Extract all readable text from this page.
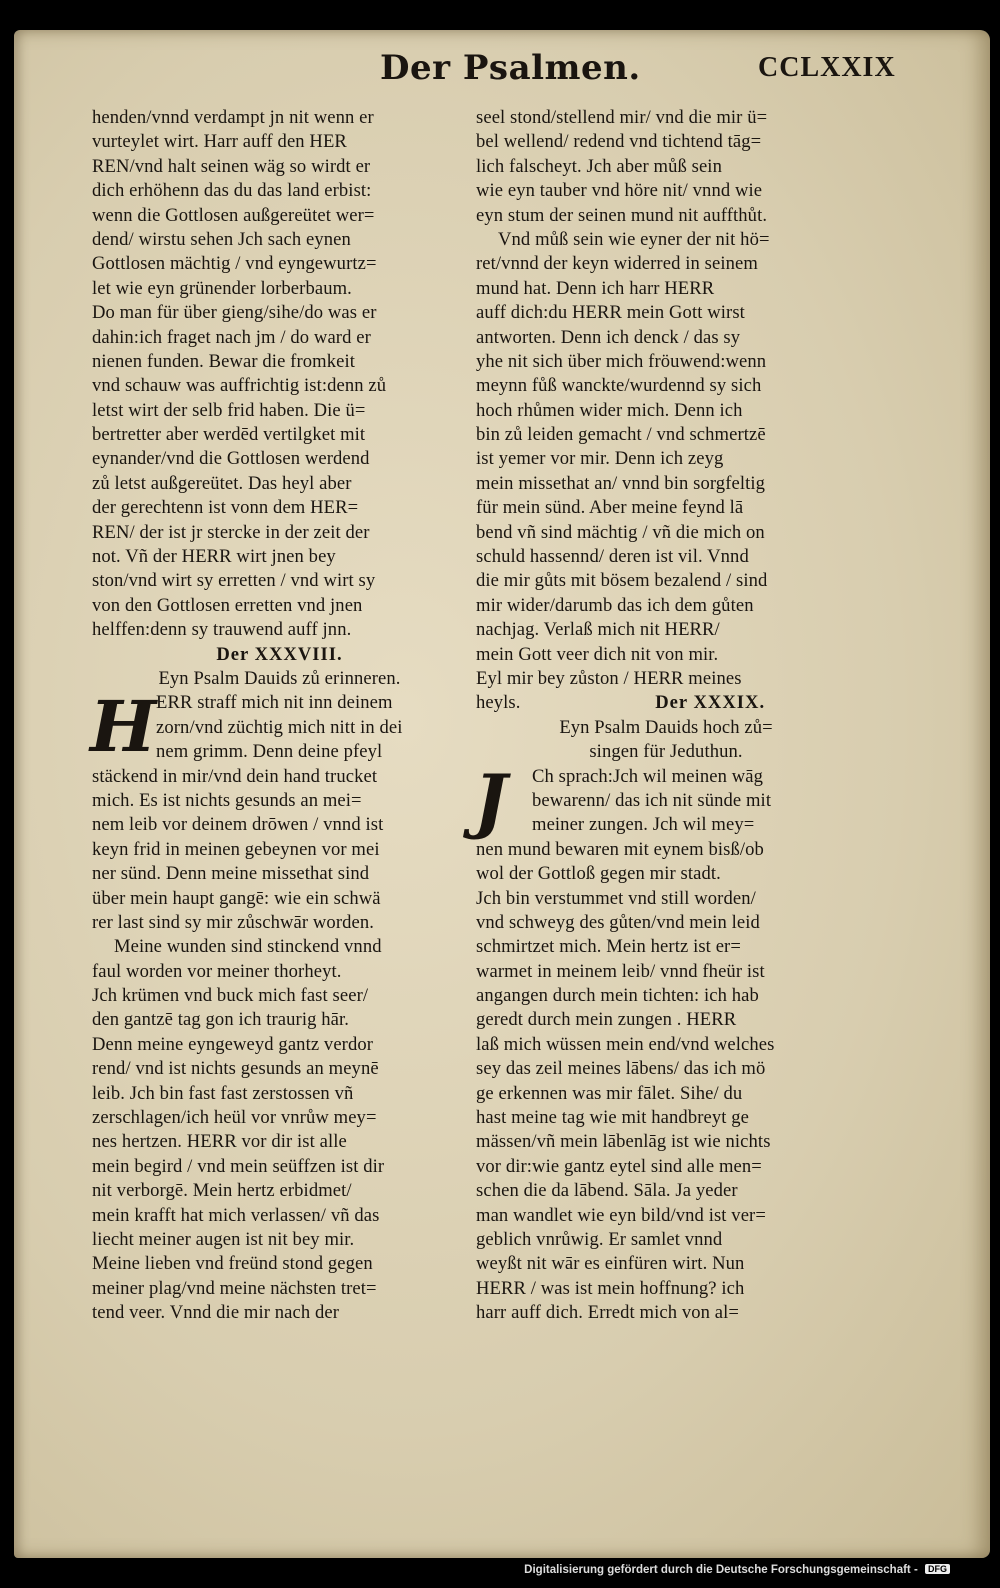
Der Psalmen.	CCLXXIX
henden/vnnd verdampt jn nit wenn er
vurteylet wirt. Harr auff den HER
REN/vnd halt seinen wäg so wirdt er
dich erhöhenn das du das land erbist:
wenn die Gottlosen außgereütet wer=
dend/ wirstu sehen Jch sach eynen
Gottlosen mächtig / vnd eyngewurtz=
let wie eyn grünender lorberbaum.
Do man für über gieng/sihe/do was er
dahin:ich fraget nach jm / do ward er
nienen funden. Bewar die fromkeit
vnd schauw was auffrichtig ist:denn zů
letst wirt der selb frid haben. Die ü=
bertretter aber werdēd vertilgket mit
eynander/vnd die Gottlosen werdend
zů letst außgereütet. Das heyl aber
der gerechtenn ist vonn dem HER=
REN/ der ist jr stercke in der zeit der
not. Vñ der HERR wirt jnen bey
ston/vnd wirt sy erretten / vnd wirt sy
von den Gottlosen erretten vnd jnen
helffen:denn sy trauwend auff jnn.
Der XXXVIII.
Eyn Psalm Dauids zů erinneren.
H ERR straff mich nit inn deinem
zorn/vnd züchtig mich nitt in dei
nem grimm. Denn deine pfeyl
stäckend in mir/vnd dein hand trucket
mich. Es ist nichts gesunds an mei=
nem leib vor deinem drōwen / vnnd ist
keyn frid in meinen gebeynen vor mei
ner sünd. Denn meine missethat sind
über mein haupt gangē: wie ein schwä
rer last sind sy mir zůschwār worden.
Meine wunden sind stinckend vnnd
faul worden vor meiner thorheyt.
Jch krümen vnd buck mich fast seer/
den gantzē tag gon ich traurig hār.
Denn meine eyngeweyd gantz verdor
rend/ vnd ist nichts gesunds an meynē
leib. Jch bin fast fast zerstossen vñ
zerschlagen/ich heül vor vnrůw mey=
nes hertzen. HERR vor dir ist alle
mein begird / vnd mein seüffzen ist dir
nit verborgē. Mein hertz erbidmet/
mein krafft hat mich verlassen/ vñ das
liecht meiner augen ist nit bey mir.
Meine lieben vnd freünd stond gegen
meiner plag/vnd meine nächsten tret=
tend veer. Vnnd die mir nach der
seel stond/stellend mir/ vnd die mir ü=
bel wellend/ redend vnd tichtend tāg=
lich falscheyt. Jch aber můß sein
wie eyn tauber vnd höre nit/ vnnd wie
eyn stum der seinen mund nit auffthůt.
Vnd můß sein wie eyner der nit hö=
ret/vnnd der keyn widerred in seinem
mund hat. Denn ich harr HERR
auff dich:du HERR mein Gott wirst
antworten. Denn ich denck / das sy
yhe nit sich über mich fröuwend:wenn
meynn fůß wanckte/wurdennd sy sich
hoch rhůmen wider mich. Denn ich
bin zů leiden gemacht / vnd schmertzē
ist yemer vor mir. Denn ich zeyg
mein missethat an/ vnnd bin sorgfeltig
für mein sünd. Aber meine feynd lā
bend vñ sind mächtig / vñ die mich on
schuld hassennd/ deren ist vil. Vnnd
die mir gůts mit bösem bezalend / sind
mir wider/darumb das ich dem gůten
nachjag. Verlaß mich nit HERR/
mein Gott veer dich nit von mir.
Eyl mir bey zůston / HERR meines
heyls.	Der XXXIX.
Eyn Psalm Dauids hoch zů=
singen für Jeduthun.
J Ch sprach:Jch wil meinen wāg
bewarenn/ das ich nit sünde mit
meiner zungen. Jch wil mey=
nen mund bewaren mit eynem bisß/ob
wol der Gottloß gegen mir stadt.
Jch bin verstummet vnd still worden/
vnd schweyg des gůten/vnd mein leid
schmirtzet mich. Mein hertz ist er=
warmet in meinem leib/ vnnd fheür ist
angangen durch mein tichten: ich hab
geredt durch mein zungen . HERR
laß mich wüssen mein end/vnd welches
sey das zeil meines lābens/ das ich mö
ge erkennen was mir fālet. Sihe/ du
hast meine tag wie mit handbreyt ge
mässen/vñ mein lābenlāg ist wie nichts
vor dir:wie gantz eytel sind alle men=
schen die da lābend. Sāla. Ja yeder
man wandlet wie eyn bild/vnd ist ver=
geblich vnrůwig. Er samlet vnnd
weyßt nit wār es einfüren wirt. Nun
HERR / was ist mein hoffnung? ich
harr auff dich. Erredt mich von al=
Digitalisierung gefördert durch die Deutsche Forschungsgemeinschaft - DFG
